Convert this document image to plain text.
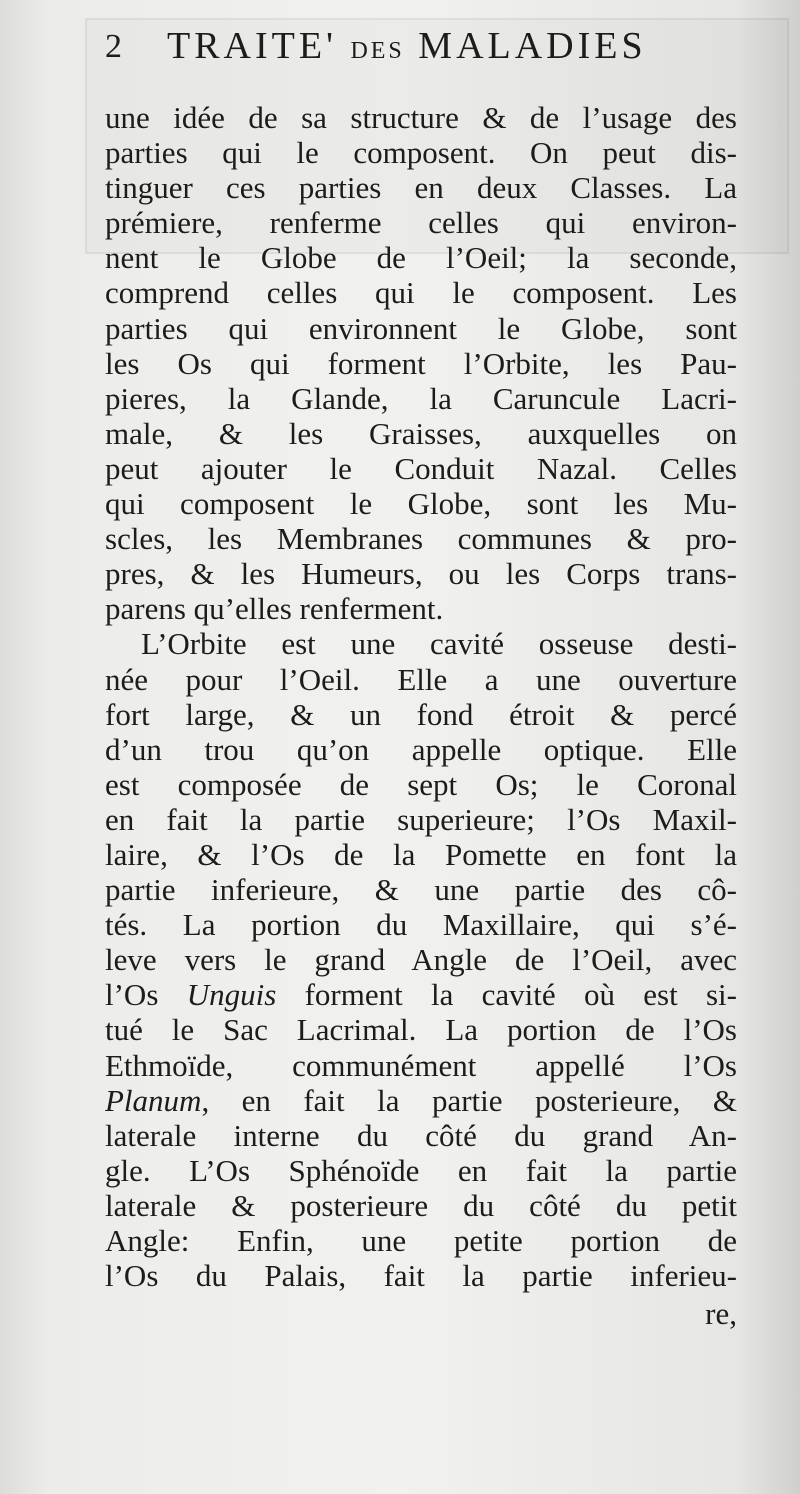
2 TRAITE' DES MALADIES
une idée de sa structure & de l’usage des
parties qui le composent. On peut dis-
tinguer ces parties en deux Classes. La
prémiere, renferme celles qui environ-
nent le Globe de l’Oeil; la seconde,
comprend celles qui le composent. Les
parties qui environnent le Globe, sont
les Os qui forment l’Orbite, les Pau-
pieres, la Glande, la Caruncule Lacri-
male, & les Graisses, auxquelles on
peut ajouter le Conduit Nazal. Celles
qui composent le Globe, sont les Mu-
scles, les Membranes communes & pro-
pres, & les Humeurs, ou les Corps trans-
parens qu’elles renferment.
L’Orbite est une cavité osseuse desti-
née pour l’Oeil. Elle a une ouverture
fort large, & un fond étroit & percé
d’un trou qu’on appelle optique. Elle
est composée de sept Os; le Coronal
en fait la partie superieure; l’Os Maxil-
laire, & l’Os de la Pomette en font la
partie inferieure, & une partie des cô-
tés. La portion du Maxillaire, qui s’é-
leve vers le grand Angle de l’Oeil, avec
l’Os Unguis forment la cavité où est si-
tué le Sac Lacrimal. La portion de l’Os
Ethmoïde, communément appellé l’Os
Planum, en fait la partie posterieure, &
laterale interne du côté du grand An-
gle. L’Os Sphénoïde en fait la partie
laterale & posterieure du côté du petit
Angle: Enfin, une petite portion de
l’Os du Palais, fait la partie inferieu-
re,
